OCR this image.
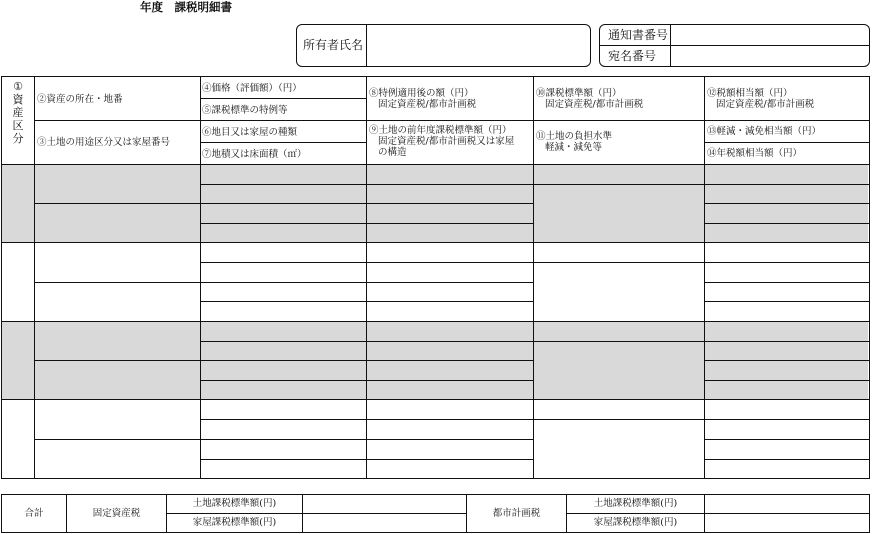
年度　課税明細書
所有者氏名
通知書番号
宛名番号
①
資
産
区
分
②資産の所在・地番
③土地の用途区分又は家屋番号
④価格（評価額）（円）
⑤課税標準の特例等
⑥地目又は家屋の種類
⑦地積又は床面積（㎡）
⑧特例適用後の額（円）
固定資産税/都市計画税
⑨土地の前年度課税標準額（円）
固定資産税/都市計画税又は家屋
の構造
⑩課税標準額（円）
固定資産税/都市計画税
⑪土地の負担水準
軽減・減免等
⑫税額相当額（円）
固定資産税/都市計画税
⑬軽減・減免相当額（円）
⑭年税額相当額（円）
合計	固定資産税
土地課税標準額(円)
家屋課税標準額(円)
都市計画税
土地課税標準額(円)
家屋課税標準額(円)
